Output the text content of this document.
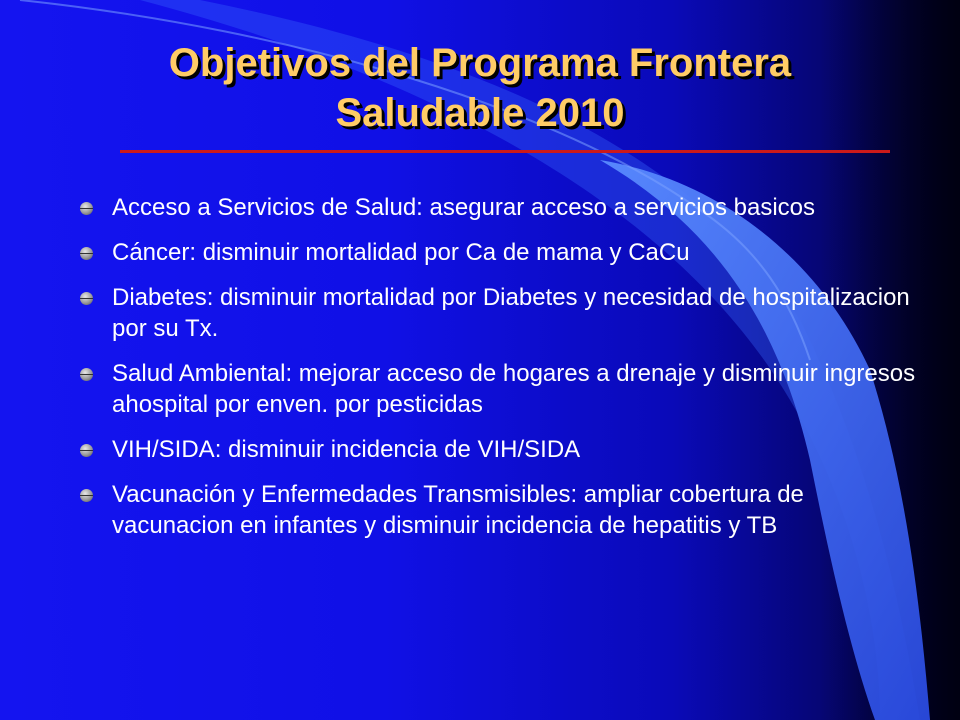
Objetivos del Programa Frontera Saludable 2010
Acceso a Servicios de Salud: asegurar acceso a servicios basicos
Cáncer: disminuir mortalidad por Ca de mama y CaCu
Diabetes: disminuir mortalidad por Diabetes y necesidad de hospitalizacion por su Tx.
Salud Ambiental: mejorar acceso de hogares a drenaje y disminuir ingresos ahospital por enven. por pesticidas
VIH/SIDA: disminuir incidencia de VIH/SIDA
Vacunación y Enfermedades Transmisibles: ampliar cobertura de vacunacion en infantes y disminuir incidencia de hepatitis y TB
